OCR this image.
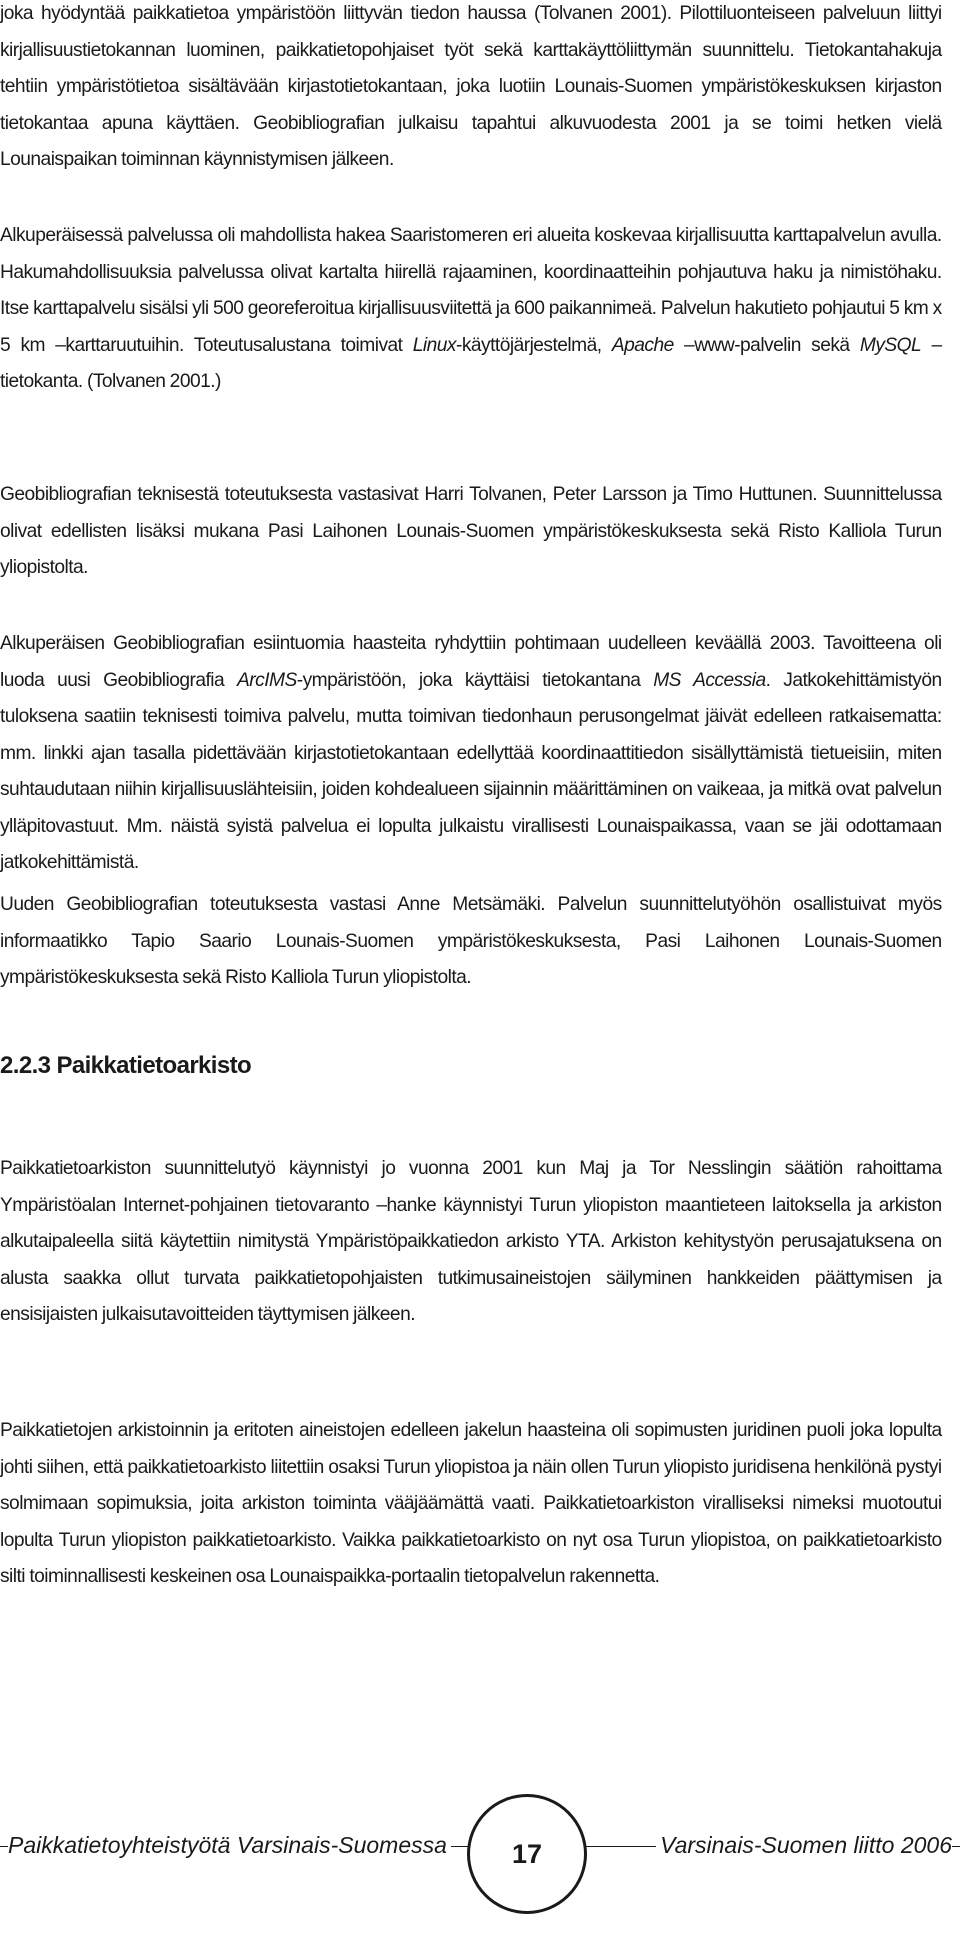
joka hyödyntää paikkatietoa ympäristöön liittyvän tiedon haussa (Tolvanen 2001). Pilottiluonteiseen palveluun liittyi kirjallisuustietokannan luominen, paikkatietopohjaiset työt sekä karttakäyttöliittymän suunnittelu. Tietokantahakuja tehtiin ympäristötietoa sisältävään kirjastotietokantaan, joka luotiin Lounais-Suomen ympäristökeskuksen kirjaston tietokantaa apuna käyttäen. Geobibliografian julkaisu tapahtui alkuvuodesta 2001 ja se toimi hetken vielä Lounaispaikan toiminnan käynnistymisen jälkeen.

Alkuperäisessä palvelussa oli mahdollista hakea Saaristomeren eri alueita koskevaa kirjallisuutta karttapalvelun avulla. Hakumahdollisuuksia palvelussa olivat kartalta hiirellä rajaaminen, koordinaatteihin pohjautuva haku ja nimistöhaku. Itse karttapalvelu sisälsi yli 500 georeferoitua kirjallisuusviitettä ja 600 paikannimeä. Palvelun hakutieto pohjautui 5 km x 5 km –karttaruutuihin. Toteutusalustana toimivat Linux-käyttöjärjestelmä, Apache –www-palvelin sekä MySQL –tietokanta. (Tolvanen 2001.)

Geobibliografian teknisestä toteutuksesta vastasivat Harri Tolvanen, Peter Larsson ja Timo Huttunen. Suunnittelussa olivat edellisten lisäksi mukana Pasi Laihonen Lounais-Suomen ympäristökeskuksesta sekä Risto Kalliola Turun yliopistolta.

Alkuperäisen Geobibliografian esiintuomia haasteita ryhdyttiin pohtimaan uudelleen keväällä 2003. Tavoitteena oli luoda uusi Geobibliografia ArcIMS-ympäristöön, joka käyttäisi tietokantana MS Accessia. Jatkokehittämistyön tuloksena saatiin teknisesti toimiva palvelu, mutta toimivan tiedonhaun perusongelmat jäivät edelleen ratkaisematta: mm. linkki ajan tasalla pidettävään kirjastotietokantaan edellyttää koordinaattitiedon sisällyttämistä tietueisiin, miten suhtaudutaan niihin kirjallisuuslähteisiin, joiden kohdealueen sijainnin määrittäminen on vaikeaa, ja mitkä ovat palvelun ylläpitovastuut. Mm. näistä syistä palvelua ei lopulta julkaistu virallisesti Lounaispaikassa, vaan se jäi odottamaan jatkokehittämistä.

Uuden Geobibliografian toteutuksesta vastasi Anne Metsämäki. Palvelun suunnittelutyöhön osallistuivat myös informaatikko Tapio Saario Lounais-Suomen ympäristökeskuksesta, Pasi Laihonen Lounais-Suomen ympäristökeskuksesta sekä Risto Kalliola Turun yliopistolta.

2.2.3 Paikkatietoarkisto

Paikkatietoarkiston suunnittelutyö käynnistyi jo vuonna 2001 kun Maj ja Tor Nesslingin säätiön rahoittama Ympäristöalan Internet-pohjainen tietovaranto –hanke käynnistyi Turun yliopiston maantieteen laitoksella ja arkiston alkutaipaleella siitä käytettiin nimitystä Ympäristöpaikkatiedon arkisto YTA. Arkiston kehitystyön perusajatuksena on alusta saakka ollut turvata paikkatietopohjaisten tutkimusaineistojen säilyminen hankkeiden päättymisen ja ensisijaisten julkaisutavoitteiden täyttymisen jälkeen.

Paikkatietojen arkistoinnin ja eritoten aineistojen edelleen jakelun haasteina oli sopimusten juridinen puoli joka lopulta johti siihen, että paikkatietoarkisto liitettiin osaksi Turun yliopistoa ja näin ollen Turun yliopisto juridisena henkilönä pystyi solmimaan sopimuksia, joita arkiston toiminta vääjäämättä vaati. Paikkatietoarkiston viralliseksi nimeksi muotoutui lopulta Turun yliopiston paikkatietoarkisto. Vaikka paikkatietoarkisto on nyt osa Turun yliopistoa, on paikkatietoarkisto silti toiminnallisesti keskeinen osa Lounaispaikka-portaalin tietopalvelun rakennetta.

Paikkatietoyhteistyötä Varsinais-Suomessa	Varsinais-Suomen liitto 2006
17
